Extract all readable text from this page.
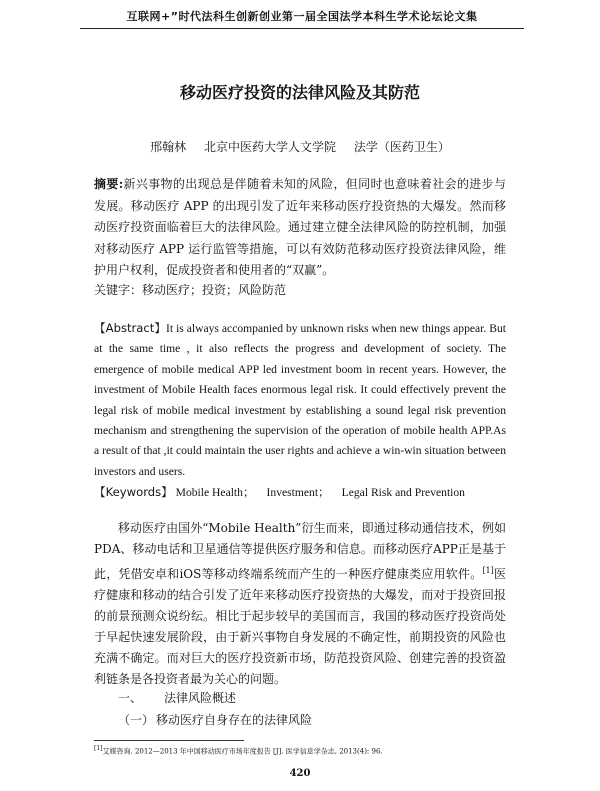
互联网+”时代法科生创新创业第一届全国法学本科生学术论坛论文集
移动医疗投资的法律风险及其防范
邢翰林 北京中医药大学人文学院 法学（医药卫生）
摘要:新兴事物的出现总是伴随着未知的风险，但同时也意味着社会的进步与发展。移动医疗 APP 的出现引发了近年来移动医疗投资热的大爆发。然而移动医疗投资面临着巨大的法律风险。通过建立健全法律风险的防控机制，加强对移动医疗 APP 运行监管等措施，可以有效防范移动医疗投资法律风险，维护用户权利，促成投资者和使用者的“双赢”。
关键字：移动医疗；投资；风险防范
【Abstract】It is always accompanied by unknown risks when new things appear. But at the same time , it also reflects the progress and development of society. The emergence of mobile medical APP led investment boom in recent years. However, the investment of Mobile Health faces enormous legal risk. It could effectively prevent the legal risk of mobile medical investment by establishing a sound legal risk prevention mechanism and strengthening the supervision of the operation of mobile health APP.As a result of that ,it could maintain the user rights and achieve a win-win situation between investors and users.
【Keywords】 Mobile Health； Investment； Legal Risk and Prevention
移动医疗由国外“Mobile Health”衍生而来，即通过移动通信技术，例如 PDA、移动电话和卫星通信等提供医疗服务和信息。而移动医疗APP正是基于此，凭借安卓和iOS等移动终端系统而产生的一种医疗健康类应用软件。[1]医疗健康和移动的结合引发了近年来移动医疗投资热的大爆发，而对于投资回报的前景预测众说纷纭。相比于起步较早的美国而言，我国的移动医疗投资尚处于早起快速发展阶段，由于新兴事物自身发展的不确定性，前期投资的风险也充满不确定。而对巨大的医疗投资新市场，防范投资风险、创建完善的投资盈利链条是各投资者最为关心的问题。
一、 法律风险概述
（一） 移动医疗自身存在的法律风险
[1]艾媒咨询. 2012—2013 年中国移动医疗市场年度报告 [J]. 医学信息学杂志, 2013(4): 96.
420
